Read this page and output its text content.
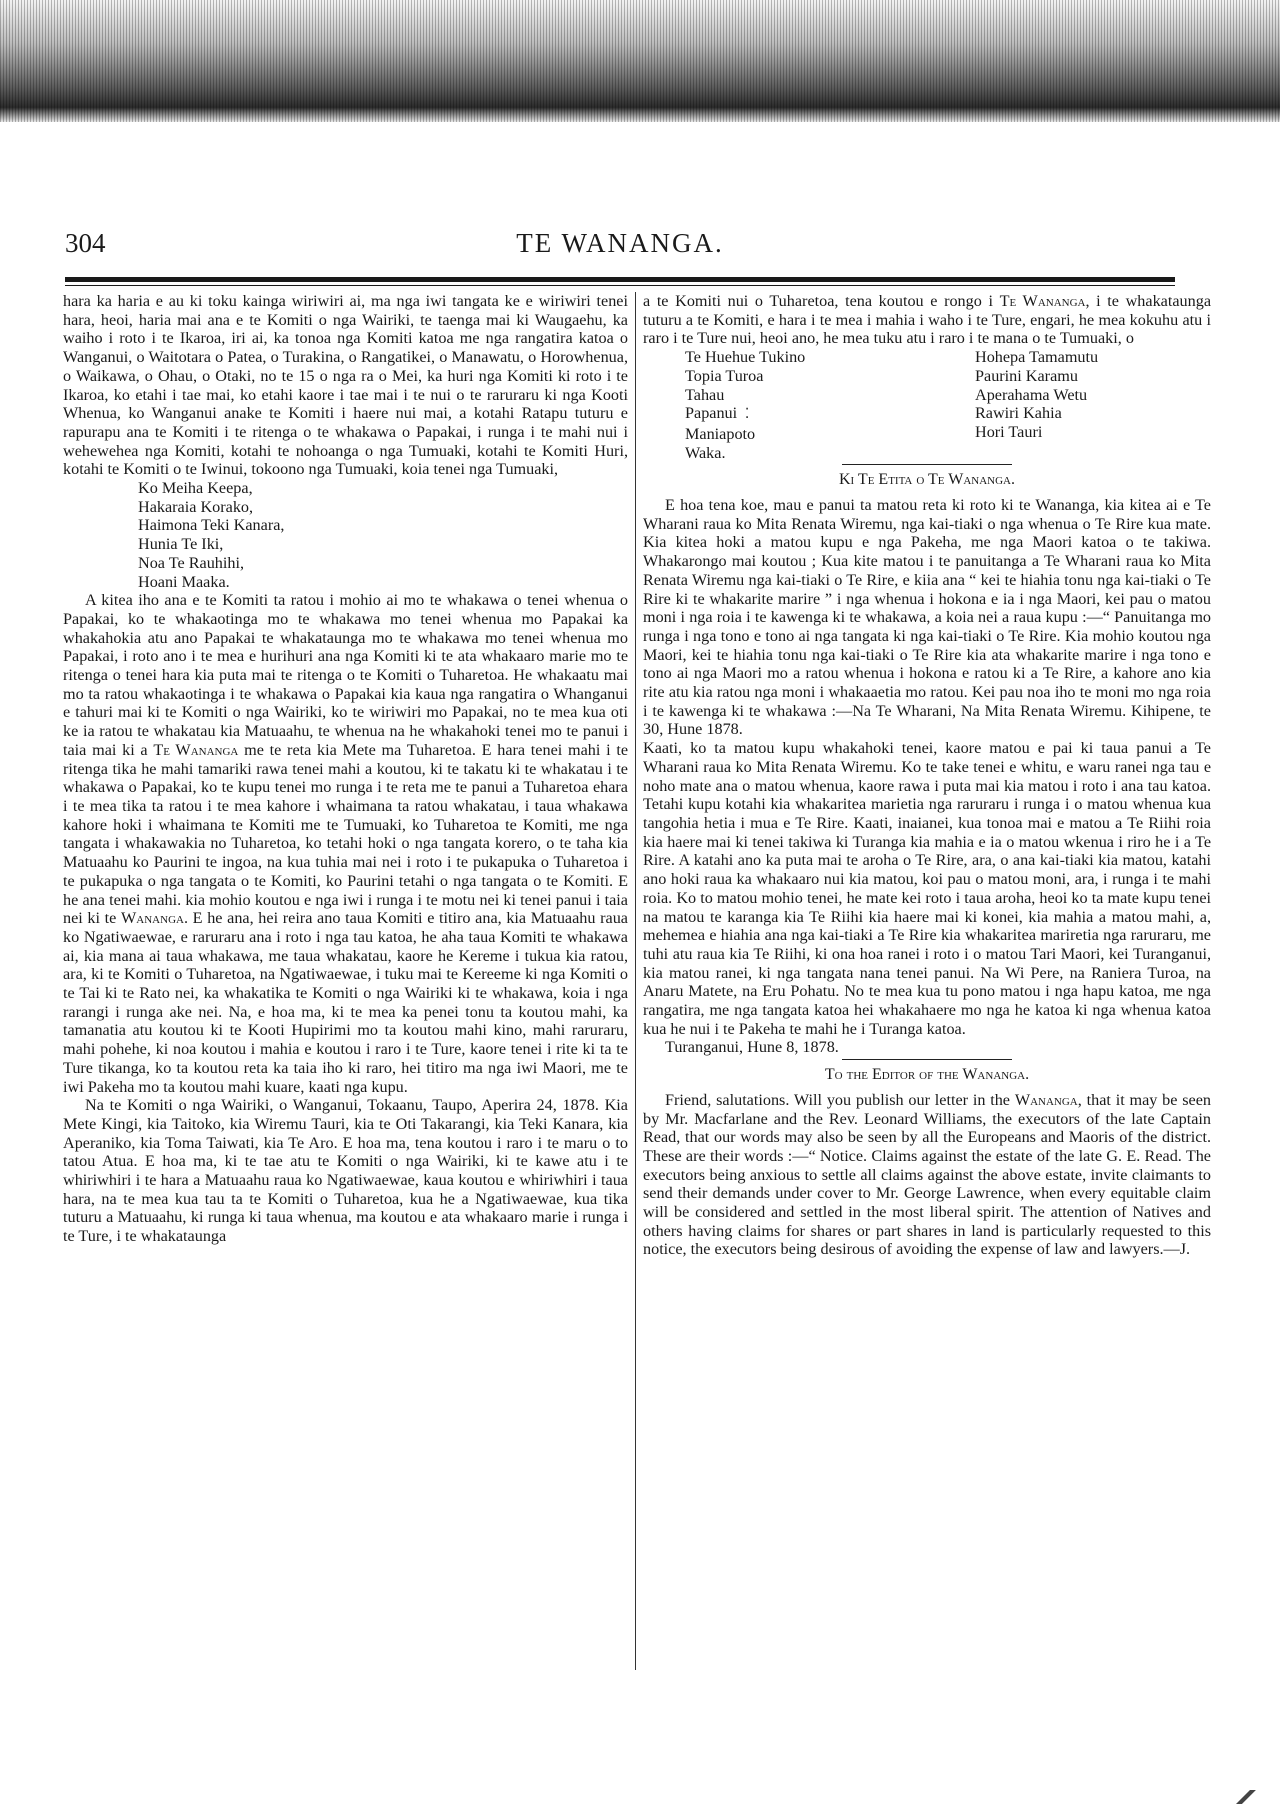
TE WANANGA.
304

hara ka haria e au ki toku kainga wiriwiri ai, ma nga iwi tangata ke e wiriwiri tenei hara, heoi, haria mai ana e te Komiti o nga Wairiki, te taenga mai ki Waugaehu, ka waiho i roto i te Ikaroa, iri ai, ka tonoa nga Komiti katoa me nga rangatira katoa o Wanganui, o Waitotara o Patea, o Turakina, o Rangatikei, o Manawatu, o Horowhenua, o Waikawa, o Ohau, o Otaki, no te 15 o nga ra o Mei, ka huri nga Komiti ki roto i te Ikaroa, ko etahi i tae mai, ko etahi kaore i tae mai i te nui o te raruraru ki nga Kooti Whenua, ko Wanganui anake te Komiti i haere nui mai, a kotahi Ratapu tuturu e rapurapu ana te Komiti i te ritenga o te whakawa o Papakai, i runga i te mahi nui i wehewehea nga Komiti, kotahi te nohoanga o nga Tumuaki, kotahi te Komiti Huri, kotahi te Komiti o te Iwinui, tokoono nga Tumuaki, koia tenei nga Tumuaki,

Ko Meiha Keepa,
Hakaraia Korako,
Haimona Teki Kanara,
Hunia Te Iki,
Noa Te Rauhihi,
Hoani Maaka.

A kitea iho ana e te Komiti ta ratou i mohio ai mo te whakawa o tenei whenua o Papakai, ko te whakaotinga mo te whakawa mo tenei whenua mo Papakai ka whakahokia atu ano Papakai te whakataunga mo te whakawa mo tenei whenua mo Papakai, i roto ano i te mea e hurihuri ana nga Komiti ki te ata whakaaro marie mo te ritenga o tenei hara kia puta mai te ritenga o te Komiti o Tuharetoa. He whakaatu mai mo ta ratou whakaotinga i te whakawa o Papakai kia kaua nga rangatira o Whanganui e tahuri mai ki te Komiti o nga Wairiki, ko te wiriwiri mo Papakai, no te mea kua oti ke ia ratou te whakatau kia Matuaahu, te whenua na he whakahoki tenei mo te panui i taia mai ki a Te Wananga me te reta kia Mete ma Tuharetoa. E hara tenei mahi i te ritenga tika he mahi tamariki rawa tenei mahi a koutou, ki te takatu ki te whakatau i te whakawa o Papakai, ko te kupu tenei mo runga i te reta me te panui a Tuharetoa ehara i te mea tika ta ratou i te mea kahore i whaimana ta ratou whakatau, i taua whakawa kahore hoki i whaimana te Komiti me te Tumuaki, ko Tuharetoa te Komiti, me nga tangata i whakawakia no Tuharetoa, ko tetahi hoki o nga tangata korero, o te taha kia Matuaahu ko Paurini te ingoa, na kua tuhia mai nei i roto i te pukapuka o Tuharetoa i te pukapuka o nga tangata o te Komiti, ko Paurini tetahi o nga tangata o te Komiti. E he ana tenei mahi. kia mohio koutou e nga iwi i runga i te motu nei ki tenei panui i taia nei ki te Wananga. E he ana, hei reira ano taua Komiti e titiro ana, kia Matuaahu raua ko Ngatiwaewae, e raruraru ana i roto i nga tau katoa, he aha taua Komiti te whakawa ai, kia mana ai taua whakawa, me taua whakatau, kaore he Kereme i tukua kia ratou, ara, ki te Komiti o Tuharetoa, na Ngatiwaewae, i tuku mai te Kereeme ki nga Komiti o te Tai ki te Rato nei, ka whakatika te Komiti o nga Wairiki ki te whakawa, koia i nga rarangi i runga ake nei. Na, e hoa ma, ki te mea ka penei tonu ta koutou mahi, ka tamanatia atu koutou ki te Kooti Hupirimi mo ta koutou mahi kino, mahi raruraru, mahi pohehe, ki noa koutou i mahia e koutou i raro i te Ture, kaore tenei i rite ki ta te Ture tikanga, ko ta koutou reta ka taia iho ki raro, hei titiro ma nga iwi Maori, me te iwi Pakeha mo ta koutou mahi kuare, kaati nga kupu.

Na te Komiti o nga Wairiki, o Wanganui, Tokaanu, Taupo, Aperira 24, 1878. Kia Mete Kingi, kia Taitoko, kia Wiremu Tauri, kia te Oti Takarangi, kia Teki Kanara, kia Aperaniko, kia Toma Taiwati, kia Te Aro. E hoa ma, tena koutou i raro i te maru o to tatou Atua. E hoa ma, ki te tae atu te Komiti o nga Wairiki, ki te kawe atu i te whiriwhiri i te hara a Matuaahu raua ko Ngatiwaewae, kaua koutou e whiriwhiri i taua hara, na te mea kua tau ta te Komiti o Tuharetoa, kua he a Ngatiwaewae, kua tika tuturu a Matuaahu, ki runga ki taua whenua, ma koutou e ata whakaaro marie i runga i te Ture, i te whakataunga

a te Komiti nui o Tuharetoa, tena koutou e rongo i Te Wananga, i te whakataunga tuturu a te Komiti, e hara i te mea i mahia i waho i te Ture, engari, he mea kokuhu atu i raro i te Ture nui, heoi ano, he mea tuku atu i raro i te mana o te Tumuaki, o

Te Huehue Tukino
Topia Turoa
Tahau
Papanui ⁚
Maniapoto
Waka.
Hohepa Tamamutu
Paurini Karamu
Aperahama Wetu
Rawiri Kahia
Hori Tauri
Ki Te Etita o Te Wananga.

E hoa tena koe, mau e panui ta matou reta ki roto ki te Wananga, kia kitea ai e Te Wharani raua ko Mita Renata Wiremu, nga kai-tiaki o nga whenua o Te Rire kua mate. Kia kitea hoki a matou kupu e nga Pakeha, me nga Maori katoa o te takiwa. Whakarongo mai koutou ; Kua kite matou i te panuitanga a Te Wharani raua ko Mita Renata Wiremu nga kai-tiaki o Te Rire, e kiia ana “ kei te hiahia tonu nga kai-tiaki o Te Rire ki te whakarite marire ” i nga whenua i hokona e ia i nga Maori, kei pau o matou moni i nga roia i te kawenga ki te whakawa, a koia nei a raua kupu :—“ Panuitanga mo runga i nga tono e tono ai nga tangata ki nga kai-tiaki o Te Rire. Kia mohio koutou nga Maori, kei te hiahia tonu nga kai-tiaki o Te Rire kia ata whakarite marire i nga tono e tono ai nga Maori mo a ratou whenua i hokona e ratou ki a Te Rire, a kahore ano kia rite atu kia ratou nga moni i whakaaetia mo ratou. Kei pau noa iho te moni mo nga roia i te kawenga ki te whakawa :—Na Te Wharani, Na Mita Renata Wiremu. Kihipene, te 30, Hune 1878.

Kaati, ko ta matou kupu whakahoki tenei, kaore matou e pai ki taua panui a Te Wharani raua ko Mita Renata Wiremu. Ko te take tenei e whitu, e waru ranei nga tau e noho mate ana o matou whenua, kaore rawa i puta mai kia matou i roto i ana tau katoa. Tetahi kupu kotahi kia whakaritea marietia nga raruraru i runga i o matou whenua kua tangohia hetia i mua e Te Rire. Kaati, inaianei, kua tonoa mai e matou a Te Riihi roia kia haere mai ki tenei takiwa ki Turanga kia mahia e ia o matou wkenua i riro he i a Te Rire. A katahi ano ka puta mai te aroha o Te Rire, ara, o ana kai-tiaki kia matou, katahi ano hoki raua ka whakaaro nui kia matou, koi pau o matou moni, ara, i runga i te mahi roia. Ko to matou mohio tenei, he mate kei roto i taua aroha, heoi ko ta mate kupu tenei na matou te karanga kia Te Riihi kia haere mai ki konei, kia mahia a matou mahi, a, mehemea e hiahia ana nga kai-tiaki a Te Rire kia whakaritea mariretia nga raruraru, me tuhi atu raua kia Te Riihi, ki ona hoa ranei i roto i o matou Tari Maori, kei Turanganui, kia matou ranei, ki nga tangata nana tenei panui. Na Wi Pere, na Raniera Turoa, na Anaru Matete, na Eru Pohatu. No te mea kua tu pono matou i nga hapu katoa, me nga rangatira, me nga tangata katoa hei whakahaere mo nga he katoa ki nga whenua katoa kua he nui i te Pakeha te mahi he i Turanga katoa.

Turanganui, Hune 8, 1878.

To the Editor of the Wananga.

Friend, salutations. Will you publish our letter in the Wananga, that it may be seen by Mr. Macfarlane and the Rev. Leonard Williams, the executors of the late Captain Read, that our words may also be seen by all the Europeans and Maoris of the district. These are their words :—“ Notice. Claims against the estate of the late G. E. Read. The executors being anxious to settle all claims against the above estate, invite claimants to send their demands under cover to Mr. George Lawrence, when every equitable claim will be considered and settled in the most liberal spirit. The attention of Natives and others having claims for shares or part shares in land is particularly requested to this notice, the executors being desirous of avoiding the expense of law and lawyers.—J.
